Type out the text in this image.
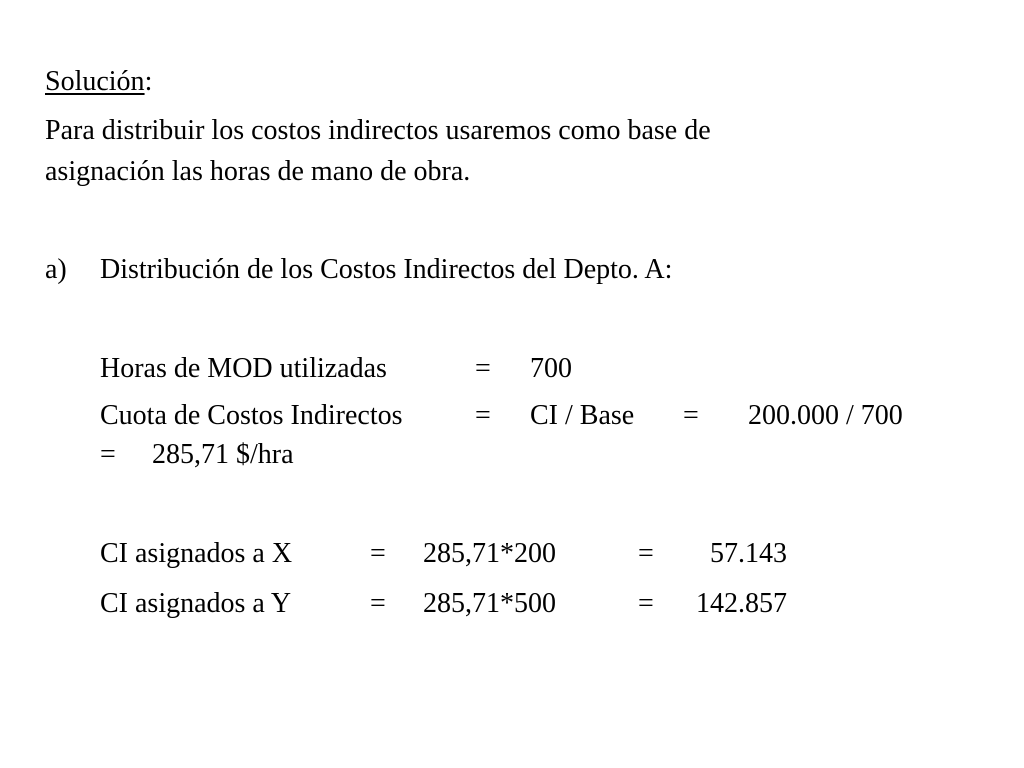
Solución:
Para distribuir los costos indirectos usaremos como base de
asignación las horas de mano de obra.
a) Distribución de los Costos Indirectos del Depto. A:
Horas de MOD utilizadas	= 700
Cuota de Costos Indirectos	= CI / Base = 200.000 / 700
= 285,71 $/hra
CI asignados a X	= 285,71*200	= 57.143
CI asignados a Y	= 285,71*500	= 142.857
